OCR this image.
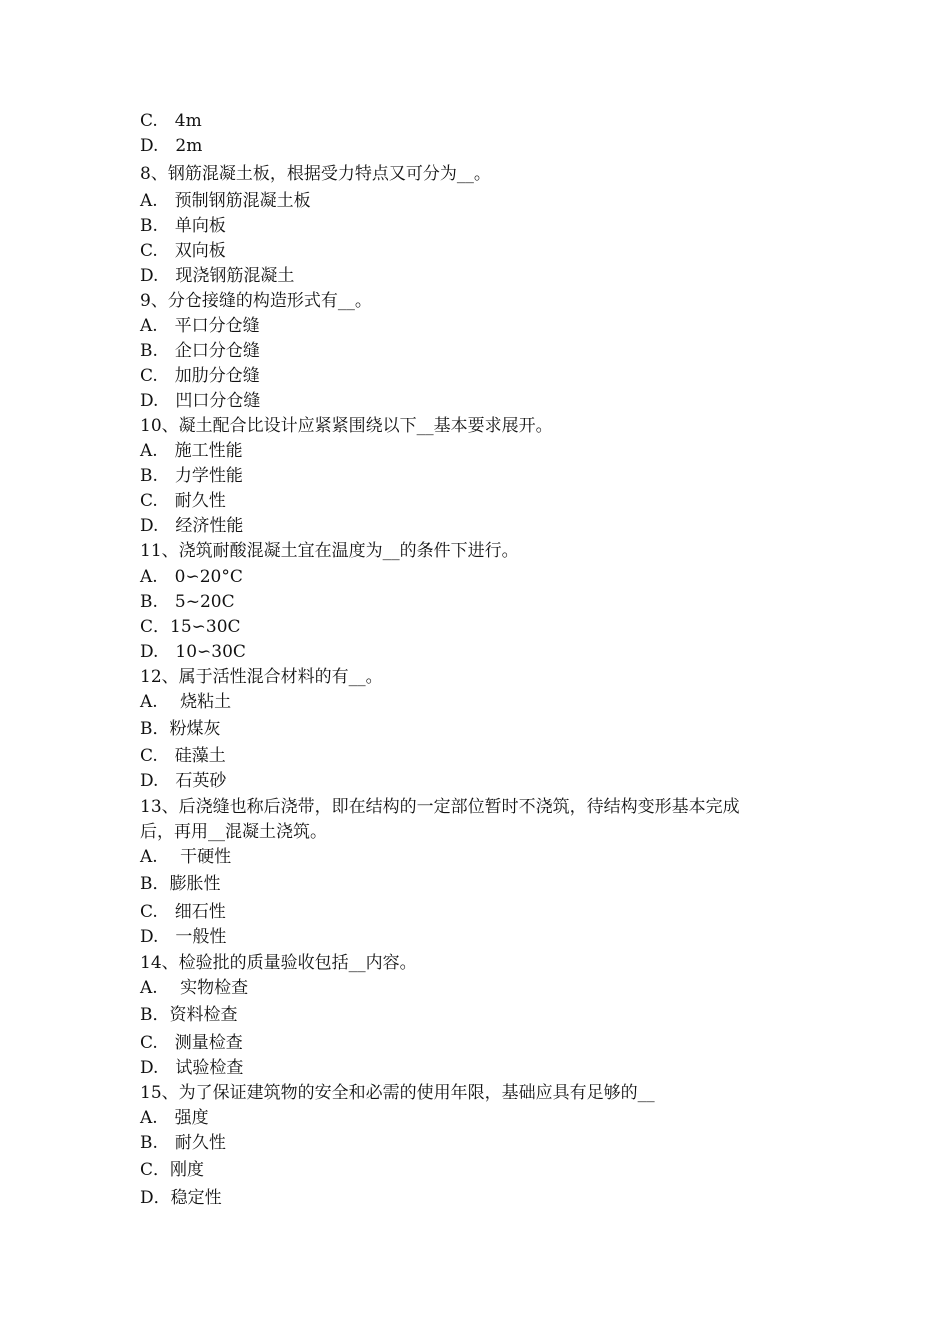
C.　4m
D.　2m
8、钢筋混凝土板，根据受力特点又可分为__。
A.　预制钢筋混凝土板
B.　单向板
C.　双向板
D.　现浇钢筋混凝土
9、分仓接缝的构造形式有__。
A.　平口分仓缝
B.　企口分仓缝
C.　加肋分仓缝
D.　凹口分仓缝
10、凝土配合比设计应紧紧围绕以下__基本要求展开。
A.　施工性能
B.　力学性能
C.　耐久性
D.　经济性能
11、浇筑耐酸混凝土宜在温度为__的条件下进行。
A.　0∽20°C
B.　5~20C
C．15∽30C
D.　10∽30C
12、属于活性混合材料的有__。
A.　 烧粘土
B．粉煤灰
C.　硅藻土
D.　石英砂
13、后浇缝也称后浇带，即在结构的一定部位暂时不浇筑，待结构变形基本完成
后，再用__混凝土浇筑。
A.　 干硬性
B．膨胀性
C.　细石性
D.　一般性
14、检验批的质量验收包括__内容。
A.　 实物检查
B．资料检查
C.　测量检查
D.　试验检查
15、为了保证建筑物的安全和必需的使用年限，基础应具有足够的__
A.　强度
B.　耐久性
C．刚度
D．稳定性
